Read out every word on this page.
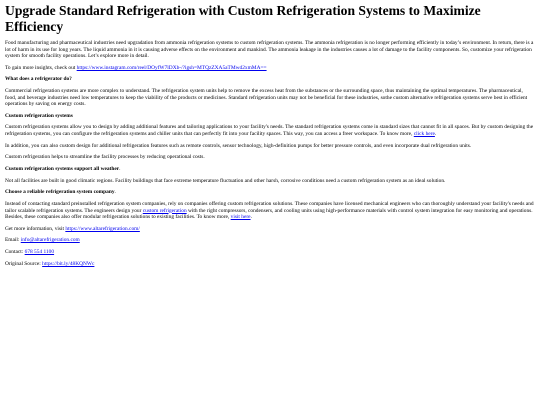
Upgrade Standard Refrigeration with Custom Refrigeration Systems to Maximize Efficiency

Food manufacturing and pharmaceutical industries need upgradation from ammonia refrigeration systems to custom refrigeration systems. The ammonia refrigeration is no longer performing efficiently in today’s environment. In return, there is a lot of harm in its use for long years. The liquid ammonia in it is causing adverse effects on the environment and mankind. The ammonia leakage in the industries causes a lot of damage to the facility components. So, customize your refrigeration system for smooth facility operations. Let’s explore more in detail.

To gain more insights, check out https://www.instagram.com/reel/DOyfW7lDXb-/?igsh=MTQzZXA5aTMwd2xmMA==

What does a refrigerator do?

Commercial refrigeration systems are more complex to understand. The refrigeration system units help to remove the excess heat from the substances or the surrounding space, thus maintaining the optimal temperatures. The pharmaceutical, food, and beverage industries need low temperatures to keep the viability of the products or medicines. Standard refrigeration units may not be beneficial for these industries, sothe custom alternative refrigeration systems serve best in efficient operations by saving on energy costs.

Custom refrigeration systems

Custom refrigeration systems allow you to design by adding additional features and tailoring applications to your facility's needs. The standard refrigeration systems come in standard sizes that cannot fit in all spaces. But by custom designing the refrigeration systems, you can configure the refrigeration systems and chiller units that can perfectly fit into your facility spaces. This way, you can access a freer workspace. To know more, click here.

In addition, you can also custom design for additional refrigeration features such as remote controls, sensor technology, high-definition pumps for better pressure controls, and even incorporate dual refrigeration units.

Custom refrigeration helps to streamline the facility processes by reducing operational costs.

Custom refrigeration systems support all weather.

Not all facilities are built in good climatic regions. Facility buildings that face extreme temperature fluctuation and other harsh, corrosive conditions need a custom refrigeration system as an ideal solution.

Choose a reliable refrigeration system company.

Instead of contacting standard preinstalled refrigeration system companies, rely on companies offering custom refrigeration solutions. These companies have licensed mechanical engineers who can thoroughly understand your facility's needs and tailor scalable refrigeration systems. The engineers design your custom refrigeration with the right compressors, condensers, and cooling units using high-performance materials with control system integration for easy monitoring and operations. Besides, these companies also offer modular refrigeration solutions to existing facilities. To know more, visit here.

Get more information, visit https://www.altarefrigeration.com/

Email: info@altarefrigeration.com

Contact: 678 554 1100

Original Source: https://bit.ly/48KQNWc
